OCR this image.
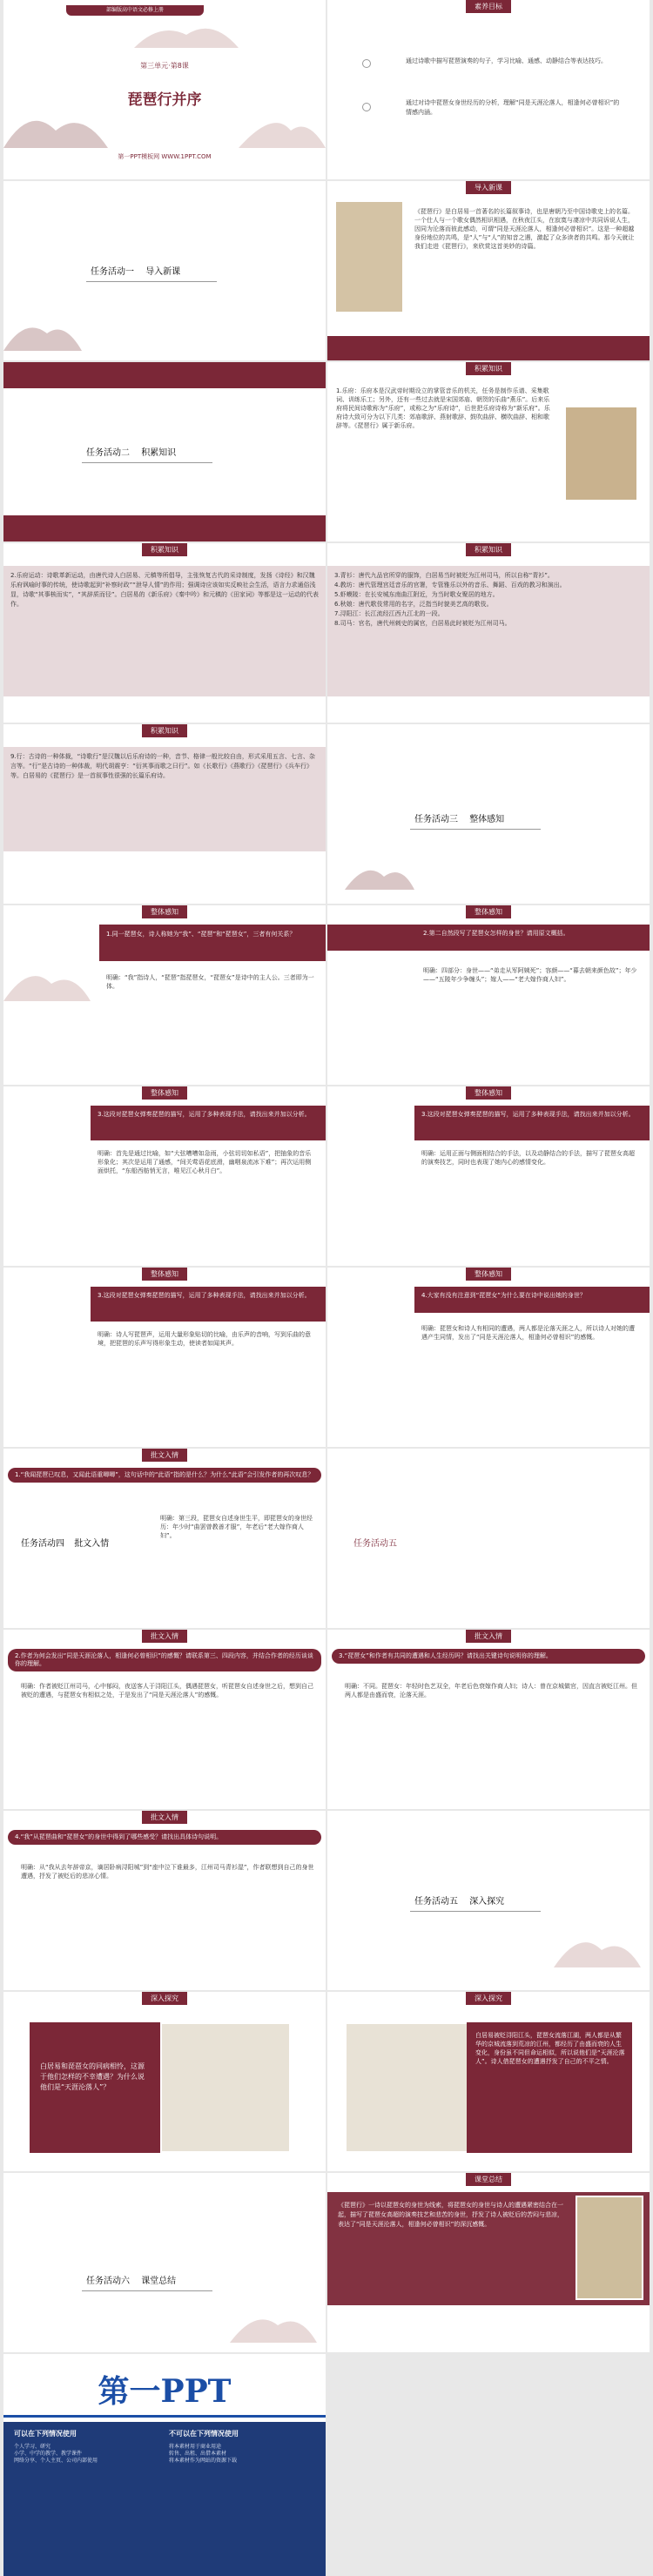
部编版高中语文必修上册
第三单元·第8课
琵琶行并序
第一PPT模板网 WWW.1PPT.COM
素养目标
通过诗歌中描写琵琶演奏的句子，学习比喻、通感、动静结合等表达技巧。
通过对诗中琵琶女身世经历的分析，理解“同是天涯沦落人，相逢何必曾相识”的情感内涵。
任务活动一 导入新课
导入新课
《琵琶行》是白居易一首著名的长篇叙事诗，也是唐朝乃至中国诗歌史上的名篇。一个仕人与一个歌女偶然相识相遇，在秋夜江头，在寂寞与凄凉中共同诉说人生，因同为沦落而彼此感动，可谓“同是天涯沦落人，相逢何必曾相识”。这是一种超越身份地位的共鸣，是“人”与“人”的知音之遇，激起了众多读者的共鸣。那今天就让我们走进《琵琶行》，来欣赏这首美妙的诗篇。
任务活动二 积累知识
积累知识
1.乐府：乐府本是汉武帝时期设立的掌管音乐的机关，任务是制作乐谱、采集歌词、训练乐工；另外，还有一些过去就是宋国郊庙、朝贺的乐曲“燕乐”。后来乐府将民间诗歌称为“乐府”，或称之为“乐府诗”，后世把乐府诗称为“新乐府”。乐府诗大致可分为以下几类：郊庙歌辞、燕射歌辞、鼓吹曲辞、横吹曲辞、相和歌辞等。《琵琶行》属于新乐府。
积累知识
2.乐府运动：诗歌革新运动，由唐代诗人白居易、元稹等所倡导，主张恢复古代的采诗制度，发扬《诗经》和汉魏乐府讽喻时事的传统，使诗歌起到“补察时政”“泄导人情”的作用；强调诗应该如实反映社会生活，语言力求通俗浅显，诗歌“其事核而实”，“其辞质而径”。白居易的《新乐府》《秦中吟》和元稹的《田家词》等都是这一运动的代表作。
积累知识
3.青衫：唐代九品官所穿的服饰，白居易当时被贬为江州司马，所以自称“青衫”。
4.教坊：唐代管理宫廷音乐的官署，专管雅乐以外的音乐、舞蹈、百戏的教习和演出。
5.虾蟆陵：在长安城东南曲江附近，为当时歌女聚居的地方。
6.秋娘：唐代歌伎常用的名字，泛指当时貌美艺高的歌伎。
7.浔阳江：长江流经江西九江北的一段。
8.司马：官名，唐代州刺史的属官，白居易此时被贬为江州司马。
积累知识
9.行：古诗的一种体裁，“诗歌行”是汉魏以后乐府诗的一种，音节、格律一般比较自由，形式采用五言、七言、杂言等。“行”是古诗的一种体裁，明代胡震亨：“衍其事而歌之曰行”。如《长歌行》《燕歌行》《琵琶行》《兵车行》等。白居易的《琵琶行》是一首叙事性很强的长篇乐府诗。
任务活动三 整体感知
整体感知
1.同一琵琶女，诗人称她为“我”、“琵琶”和“琵琶女”，三者有何关系？
明确：“我”指诗人，“琵琶”指琵琶女，“琵琶女”是诗中的主人公。三者即为一体。
整体感知
2.第二自然段写了琵琶女怎样的身世？请用原文概括。
明确：四部分：身世——“弟走从军阿姨死”；容颜——“暮去朝来颜色故”；年少——“五陵年少争缠头”；嫁人——“老大嫁作商人妇”。
整体感知
3.这段对琵琶女弹奏琵琶的描写，运用了多种表现手法，请找出来并加以分析。
明确：首先是通过比喻，如“大弦嘈嘈如急雨，小弦切切如私语”，把抽象的音乐形象化；其次是运用了通感，“间关莺语花底滑，幽咽泉流冰下难”；再次运用侧面烘托，“东船西舫悄无言，唯见江心秋月白”。
整体感知
3.这段对琵琶女弹奏琵琶的描写，运用了多种表现手法，请找出来并加以分析。
明确：运用正面与侧面相结合的手法，以及动静结合的手法，描写了琵琶女高超的演奏技艺，同时也表现了她内心的感情变化。
整体感知
3.这段对琵琶女弹奏琵琶的描写，运用了多种表现手法，请找出来并加以分析。
明确：诗人写琵琶声，运用大量形象贴切的比喻，由乐声的音响，写到乐曲的意境，把琵琶的乐声写得形象生动，使读者如闻其声。
整体感知
4.大家有没有注意到“琵琶女”为什么要在诗中说出她的身世？
明确：琵琶女和诗人有相同的遭遇，两人都是沦落天涯之人，所以诗人对她的遭遇产生同情，发出了“同是天涯沦落人，相逢何必曾相识”的感慨。
批文入情
1.“我闻琵琶已叹息，又闻此语重唧唧”，这句话中的“此语”指的是什么？为什么“此语”会引发作者的再次叹息？
任务活动四 批文入情
明确：第三段，琵琶女自述身世生平，即琵琶女的身世经历：年少时“曲罢曾教善才服”，年老后“老大嫁作商人妇”。
任务活动五
批文入情
2.作者为何会发出“同是天涯沦落人，相逢何必曾相识”的感慨？请联系第三、四段内容，并结合作者的经历谈谈你的理解。
明确：作者被贬江州司马，心中郁闷，夜送客人于浔阳江头，偶遇琵琶女，听琵琶女自述身世之后，想到自己被贬的遭遇，与琵琶女有相似之处，于是发出了“同是天涯沦落人”的感慨。
批文入情
3.“琵琶女”和作者有共同的遭遇和人生经历吗？请找出关键诗句说明你的理解。
明确：不同。琵琶女：年轻时色艺双全，年老后色衰嫁作商人妇；诗人：曾在京城做官，因直言被贬江州。但两人都是由盛而衰，沦落天涯。
批文入情
4.“我”从琵琶曲和“琵琶女”的身世中得到了哪些感受？请找出具体诗句说明。
明确：从“我从去年辞帝京，谪居卧病浔阳城”到“座中泣下谁最多，江州司马青衫湿”，作者联想到自己的身世遭遇，抒发了被贬后的悲凉心情。
任务活动五 深入探究
深入探究
白居易和琵琶女的同病相怜，这源于他们怎样的不幸遭遇？为什么说他们是“天涯沦落人”？
深入探究
白居易被贬浔阳江头，琵琶女流落江湖，两人都是从繁华的京城流落到荒凉的江州，都经历了由盛而衰的人生变化，身份虽不同但命运相似，所以说他们是“天涯沦落人”。诗人借琵琶女的遭遇抒发了自己的不平之情。
任务活动六 课堂总结
课堂总结
《琵琶行》一诗以琵琶女的身世为线索，将琵琶女的身世与诗人的遭遇紧密结合在一起，描写了琵琶女高超的演奏技艺和悲苦的身世，抒发了诗人被贬后的苦闷与悲凉，表达了“同是天涯沦落人，相逢何必曾相识”的深沉感慨。
第一PPT
可以在下列情况使用
个人学习、研究
小学、中学的教学、教学课件
网络分享、个人主页、公司内部使用
不可以在下列情况使用
将本素材用于商业用途
转售、出租、出借本素材
将本素材作为网站的资源下载
